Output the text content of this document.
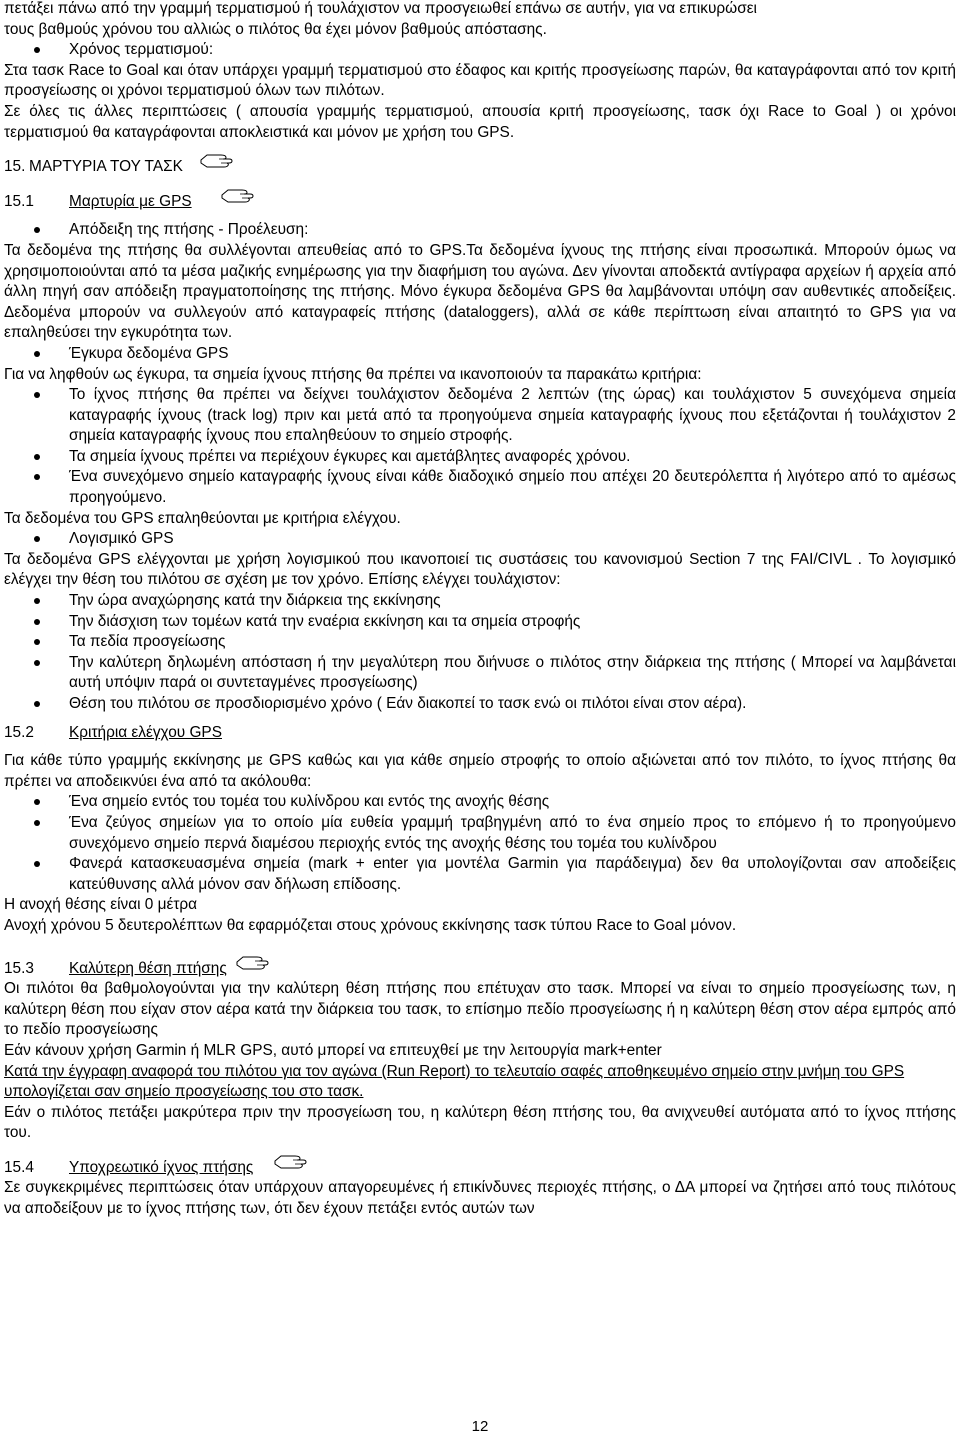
πετάξει πάνω από την γραμμή τερματισμού ή τουλάχιστον να προσγειωθεί επάνω σε αυτήν, για να επικυρώσει

τους βαθμούς χρόνου του αλλιώς ο πιλότος θα έχει μόνον βαθμούς απόστασης.

Χρόνος τερματισμού:

Στα τασκ Race to Goal και όταν υπάρχει γραμμή τερματισμού στο έδαφος και κριτής προσγείωσης παρών, θα καταγράφονται από τον κριτή προσγείωσης οι χρόνοι τερματισμού όλων των πιλότων.

Σε όλες τις άλλες περιπτώσεις ( απουσία γραμμής τερματισμού, απουσία κριτή προσγείωσης, τασκ όχι Race to Goal ) οι χρόνοι τερματισμού θα καταγράφονται αποκλειστικά και μόνον με χρήση του GPS.

15. ΜΑΡΤΥΡΙΑ ΤΟΥ ΤΑΣΚ
15.1	Μαρτυρία με GPS

Απόδειξη της πτήσης - Προέλευση:

Τα δεδομένα της πτήσης θα συλλέγονται απευθείας από το GPS.Τα δεδομένα ίχνους της πτήσης είναι προσωπικά. Μπορούν όμως να χρησιμοποιούνται από τα μέσα μαζικής ενημέρωσης για την διαφήμιση του αγώνα. Δεν γίνονται αποδεκτά αντίγραφα αρχείων ή αρχεία από άλλη πηγή σαν απόδειξη πραγματοποίησης της πτήσης. Μόνο έγκυρα δεδομένα GPS θα λαμβάνονται υπόψη σαν αυθεντικές αποδείξεις. Δεδομένα μπορούν να συλλεγούν από καταγραφείς πτήσης (dataloggers), αλλά σε κάθε περίπτωση είναι απαιτητό το GPS για να επαληθεύσει την εγκυρότητα των.

Έγκυρα δεδομένα GPS

Για να ληφθούν ως έγκυρα, τα σημεία ίχνους πτήσης θα πρέπει να ικανοποιούν τα παρακάτω κριτήρια:

Το ίχνος πτήσης θα πρέπει να δείχνει τουλάχιστον δεδομένα 2 λεπτών (της ώρας) και τουλάχιστον 5 συνεχόμενα σημεία καταγραφής ίχνους (track log) πριν και μετά από τα προηγούμενα σημεία καταγραφής ίχνους που εξετάζονται ή τουλάχιστον 2 σημεία καταγραφής ίχνους που επαληθεύουν το σημείο στροφής.

Τα σημεία ίχνους πρέπει να περιέχουν έγκυρες και αμετάβλητες αναφορές χρόνου.

Ένα συνεχόμενο σημείο καταγραφής ίχνους είναι κάθε διαδοχικό σημείο που απέχει 20 δευτερόλεπτα ή λιγότερο από το αμέσως προηγούμενο.

Τα δεδομένα του GPS επαληθεύονται με κριτήρια ελέγχου.

Λογισμικό GPS

Τα δεδομένα GPS ελέγχονται με χρήση λογισμικού που ικανοποιεί τις συστάσεις του κανονισμού Section 7 της FAI/CIVL . Το λογισμικό ελέγχει την θέση του πιλότου σε σχέση με τον χρόνο. Επίσης ελέγχει τουλάχιστον:

Την ώρα αναχώρησης κατά την διάρκεια της εκκίνησης

Την διάσχιση των τομέων κατά την εναέρια εκκίνηση και τα σημεία στροφής

Τα πεδία προσγείωσης

Την καλύτερη δηλωμένη απόσταση ή την μεγαλύτερη που διήνυσε ο πιλότος στην διάρκεια της πτήσης ( Μπορεί να λαμβάνεται αυτή υπόψιν παρά οι συντεταγμένες προσγείωσης)

Θέση του πιλότου σε προσδιορισμένο χρόνο ( Εάν διακοπεί το τασκ ενώ οι πιλότοι είναι στον αέρα).

15.2	Κριτήρια ελέγχου GPS

Για κάθε τύπο γραμμής εκκίνησης με GPS καθώς και για κάθε σημείο στροφής το οποίο αξιώνεται από τον πιλότο, το ίχνος πτήσης θα πρέπει να αποδεικνύει ένα από τα ακόλουθα:

Ένα σημείο εντός του τομέα του κυλίνδρου και εντός της ανοχής θέσης

Ένα ζεύγος σημείων για το οποίο μία ευθεία γραμμή τραβηγμένη από το ένα σημείο προς το επόμενο ή το προηγούμενο συνεχόμενο σημείο περνά διαμέσου περιοχής εντός της ανοχής θέσης του τομέα του κυλίνδρου

Φανερά κατασκευασμένα σημεία (mark + enter για μοντέλα Garmin για παράδειγμα) δεν θα υπολογίζονται σαν αποδείξεις κατεύθυνσης αλλά μόνον σαν δήλωση επίδοσης.

Η ανοχή θέσης είναι 0 μέτρα

Ανοχή χρόνου 5 δευτερολέπτων θα εφαρμόζεται στους χρόνους εκκίνησης τασκ τύπου Race to Goal μόνον.

15.3	Καλύτερη θέση πτήσης

Οι πιλότοι θα βαθμολογούνται για την καλύτερη θέση πτήσης που επέτυχαν στο τασκ. Μπορεί να είναι το σημείο προσγείωσης των, η καλύτερη θέση που είχαν στον αέρα κατά την διάρκεια του τασκ, το επίσημο πεδίο προσγείωσης ή η καλύτερη θέση στον αέρα εμπρός από το πεδίο προσγείωσης

Εάν κάνουν χρήση Garmin ή MLR GPS, αυτό μπορεί να επιτευχθεί με την λειτουργία mark+enter

Κατά την έγγραφη αναφορά του πιλότου για τον αγώνα (Run Report) το τελευταίο σαφές αποθηκευμένο σημείο στην μνήμη του GPS υπολογίζεται σαν σημείο προσγείωσης του στο τασκ.

Εάν ο πιλότος πετάξει μακρύτερα πριν την προσγείωση του, η καλύτερη θέση πτήσης του, θα ανιχνευθεί αυτόματα από το ίχνος πτήσης του.

15.4	Υποχρεωτικό ίχνος πτήσης

Σε συγκεκριμένες περιπτώσεις όταν υπάρχουν απαγορευμένες ή επικίνδυνες περιοχές πτήσης, ο ΔΑ μπορεί να ζητήσει από τους πιλότους να αποδείξουν με το ίχνος πτήσης των, ότι δεν έχουν πετάξει εντός αυτών των

12
